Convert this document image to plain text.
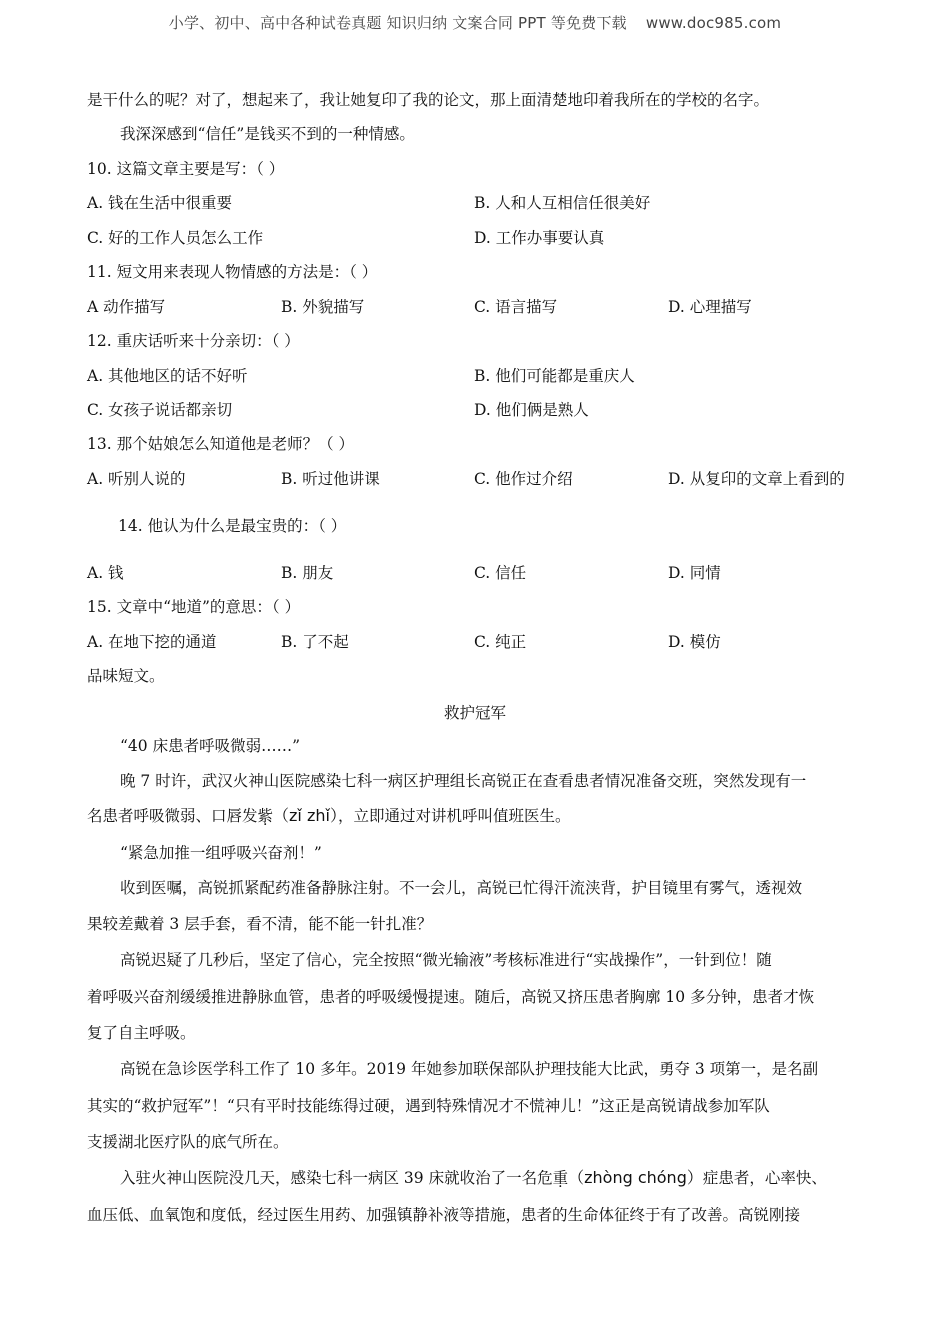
小学、初中、高中各种试卷真题 知识归纳 文案合同 PPT 等免费下载 www.doc985.com
是干什么的呢？对了，想起来了，我让她复印了我的论文，那上面清楚地印着我所在的学校的名字。
我深深感到“信任”是钱买不到的一种情感。
10. 这篇文章主要是写：（ ）
A. 钱在生活中很重要	B. 人和人互相信任很美好
C. 好的工作人员怎么工作	D. 工作办事要认真
11. 短文用来表现人物情感的方法是：（ ）
A 动作描写	B. 外貌描写	C. 语言描写	D. 心理描写
12. 重庆话听来十分亲切：（ ）
A. 其他地区的话不好听	B. 他们可能都是重庆人
C. 女孩子说话都亲切	D. 他们俩是熟人
13. 那个姑娘怎么知道他是老师？（ ）
A. 听别人说的	B. 听过他讲课	C. 他作过介绍	D. 从复印的文章上看到的
14. 他认为什么是最宝贵的：（ ）
A. 钱	B. 朋友	C. 信任	D. 同情
15. 文章中“地道”的意思：（ ）
A. 在地下挖的通道	B. 了不起	C. 纯正	D. 模仿
品味短文。
救护冠军
“40 床患者呼吸微弱……”
晚 7 时许，武汉火神山医院感染七科一病区护理组长高锐正在查看患者情况准备交班，突然发现有一
名患者呼吸微弱、口唇发紫（zǐ zhǐ），立即通过对讲机呼叫值班医生。
“紧急加推一组呼吸兴奋剂！”
收到医嘱，高锐抓紧配药准备静脉注射。不一会儿，高锐已忙得汗流浃背，护目镜里有雾气，透视效
果较差戴着 3 层手套，看不清，能不能一针扎准？
高锐迟疑了几秒后，坚定了信心，完全按照“微光输液”考核标准进行“实战操作”，一针到位！随
着呼吸兴奋剂缓缓推进静脉血管，患者的呼吸缓慢提速。随后，高锐又挤压患者胸廓 10 多分钟，患者才恢
复了自主呼吸。
高锐在急诊医学科工作了 10 多年。2019 年她参加联保部队护理技能大比武，勇夺 3 项第一，是名副
其实的“救护冠军”！“只有平时技能练得过硬，遇到特殊情况才不慌神儿！”这正是高锐请战参加军队
支援湖北医疗队的底气所在。
入驻火神山医院没几天，感染七科一病区 39 床就收治了一名危重（zhòng chóng）症患者，心率快、
血压低、血氧饱和度低，经过医生用药、加强镇静补液等措施，患者的生命体征终于有了改善。高锐刚接
